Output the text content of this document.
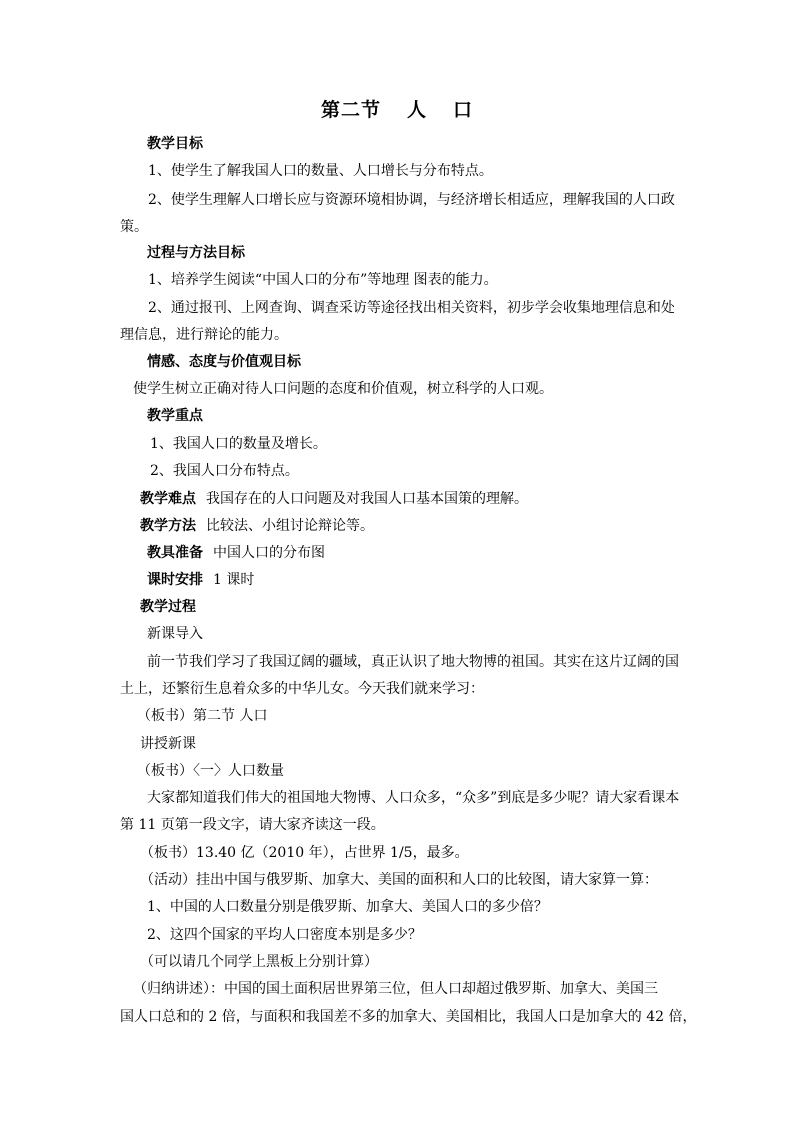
第二节 人 口
教学目标
1、使学生了解我国人口的数量、人口增长与分布特点。
2、使学生理解人口增长应与资源环境相协调，与经济增长相适应，理解我国的人口政
策。
过程与方法目标
1、培养学生阅读“中国人口的分布”等地理 图表的能力。
2、通过报刊、上网查询、调查采访等途径找出相关资料，初步学会收集地理信息和处
理信息，进行辩论的能力。
情感、态度与价值观目标
使学生树立正确对待人口问题的态度和价值观，树立科学的人口观。
教学重点
1、我国人口的数量及增长。
2、我国人口分布特点。
教学难点 我国存在的人口问题及对我国人口基本国策的理解。
教学方法 比较法、小组讨论辩论等。
教具准备 中国人口的分布图
课时安排 1 课时
教学过程
新课导入
前一节我们学习了我国辽阔的疆域，真正认识了地大物博的祖国。其实在这片辽阔的国
土上，还繁衍生息着众多的中华儿女。今天我们就来学习：
（板书）第二节 人口
讲授新课
（板书）〈一〉人口数量
大家都知道我们伟大的祖国地大物博、人口众多，“众多”到底是多少呢？请大家看课本
第 11 页第一段文字，请大家齐读这一段。
（板书）13.40 亿（2010 年），占世界 1/5，最多。
（活动）挂出中国与俄罗斯、加拿大、美国的面积和人口的比较图，请大家算一算：
1、中国的人口数量分别是俄罗斯、加拿大、美国人口的多少倍？
2、这四个国家的平均人口密度本别是多少？
（可以请几个同学上黑板上分别计算）
（归纳讲述）：中国的国土面积居世界第三位，但人口却超过俄罗斯、加拿大、美国三
国人口总和的 2 倍，与面积和我国差不多的加拿大、美国相比，我国人口是加拿大的 42 倍，
